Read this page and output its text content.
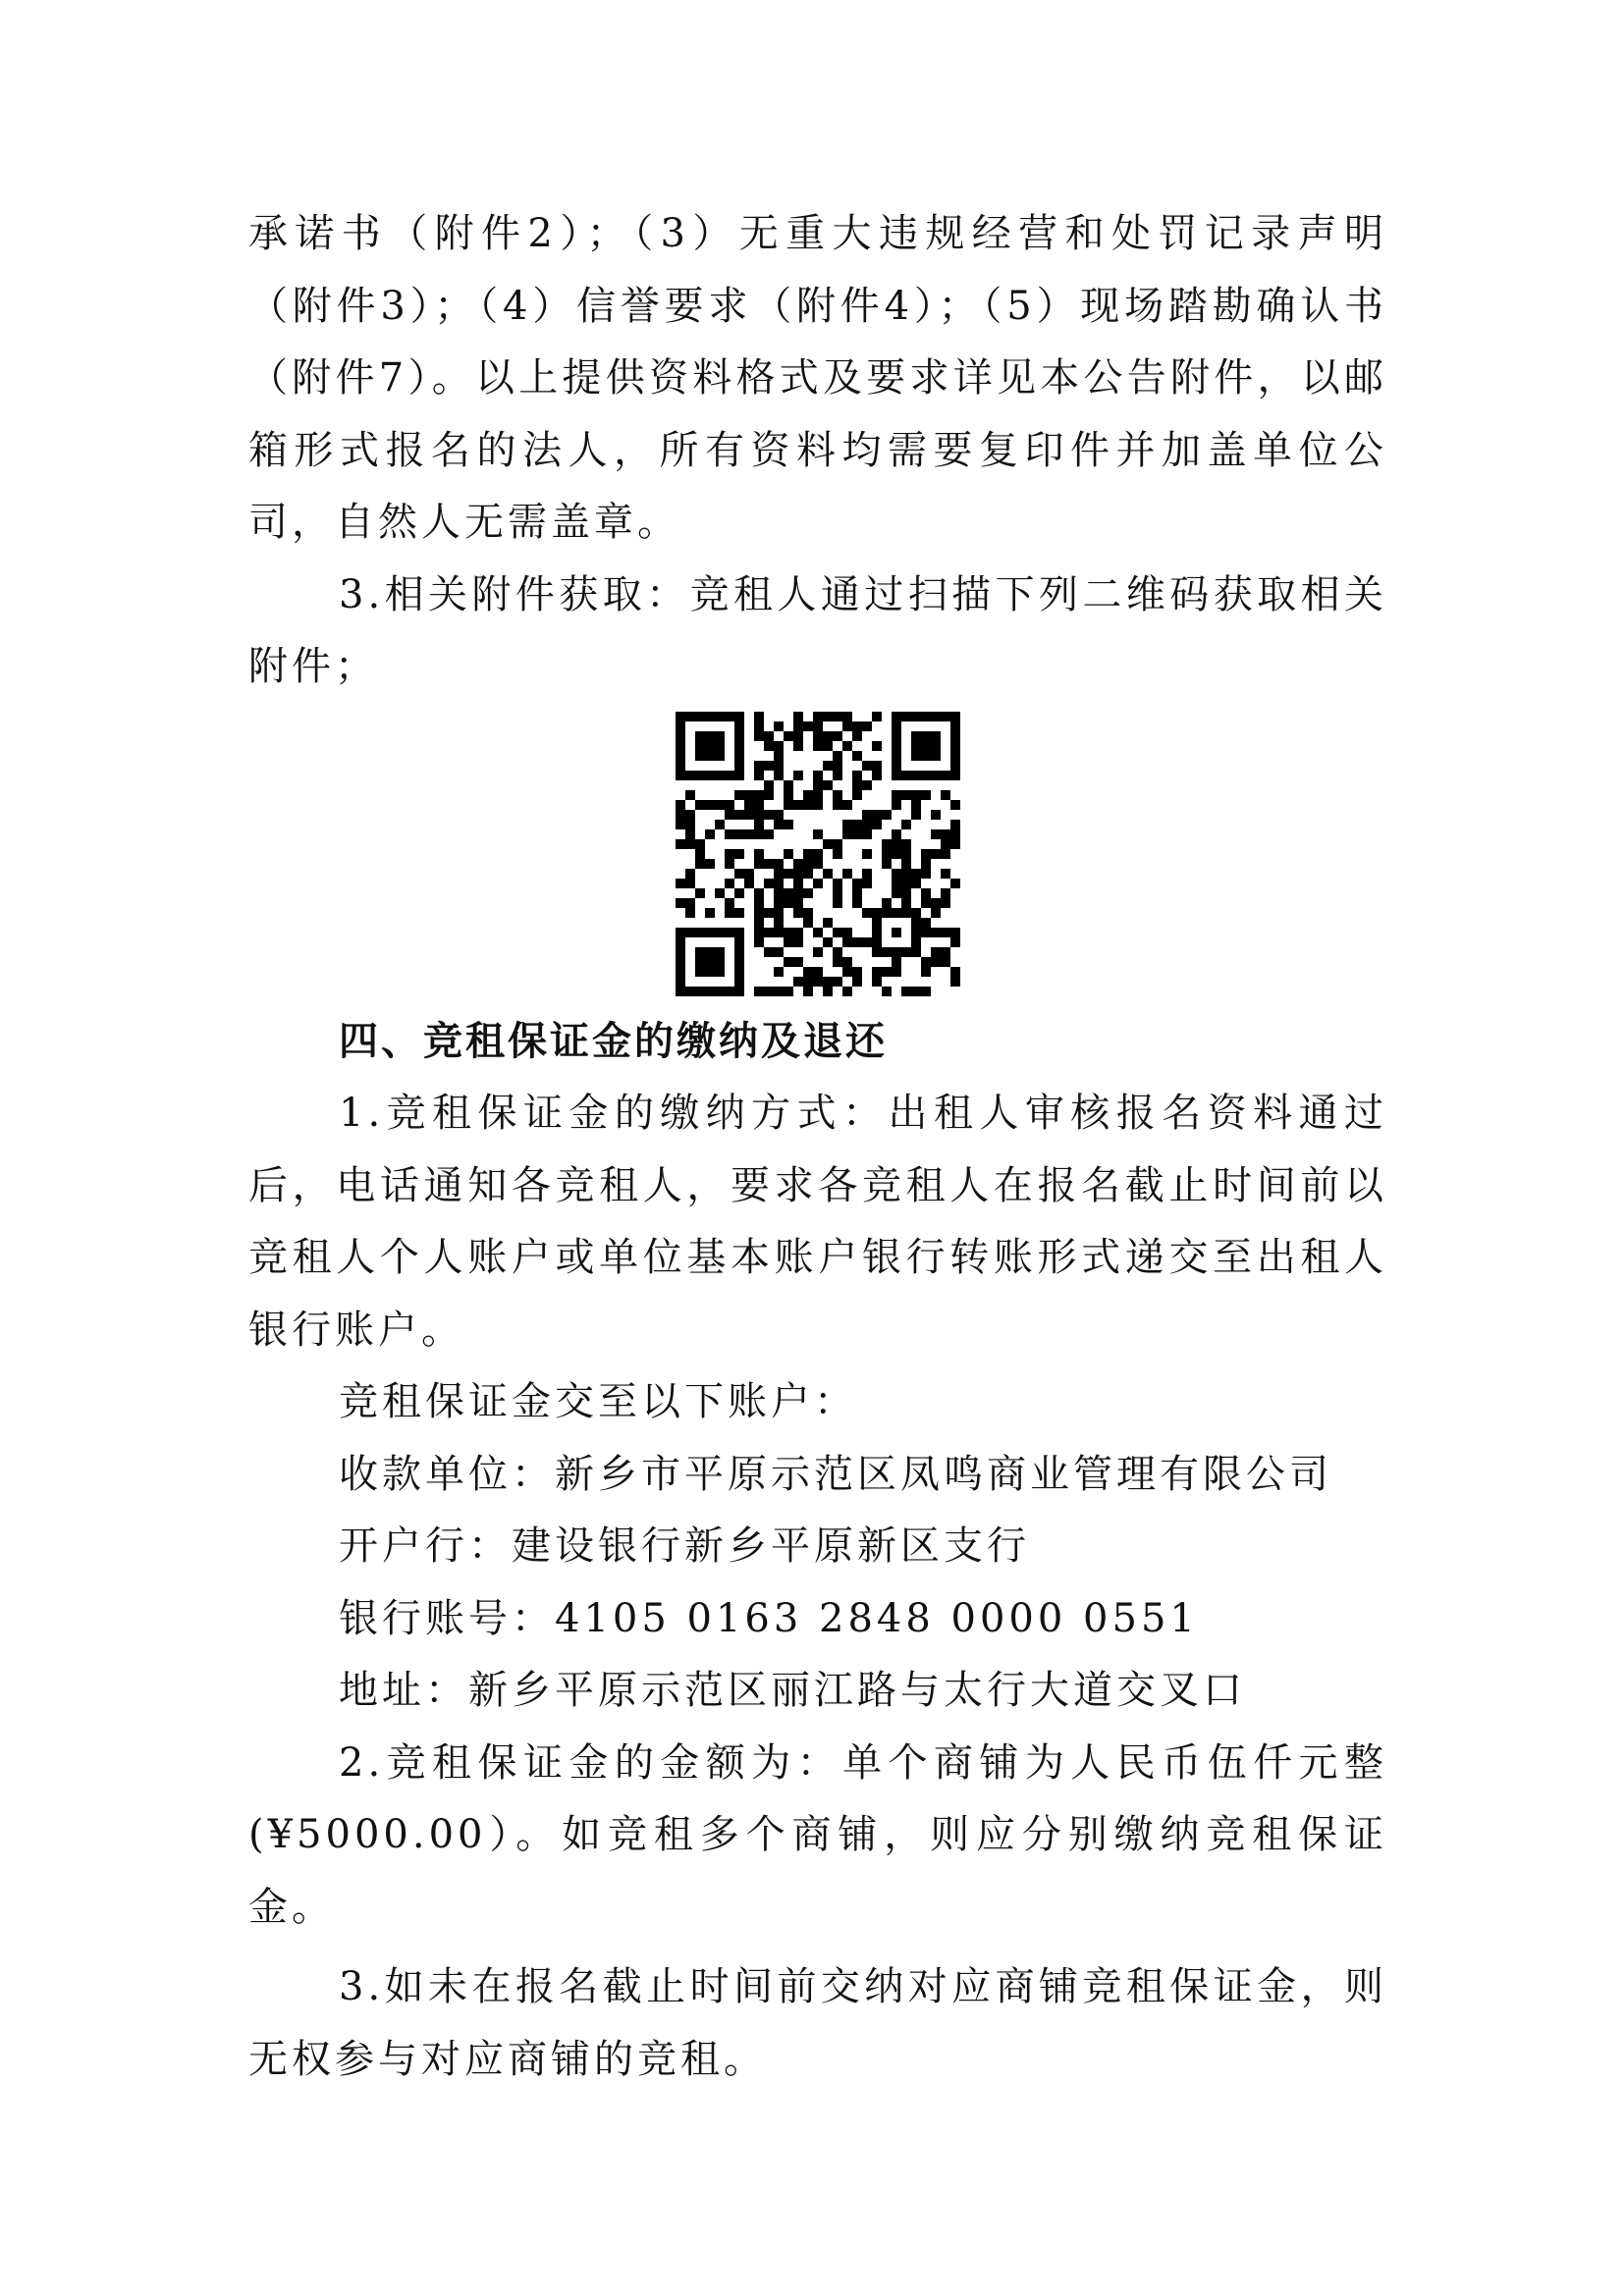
承诺书（附件2）；（3）无重大违规经营和处罚记录声明（附件3）；（4）信誉要求（附件4）；（5）现场踏勘确认书（附件7）。以上提供资料格式及要求详见本公告附件，以邮箱形式报名的法人，所有资料均需要复印件并加盖单位公司，自然人无需盖章。

3.相关附件获取：竞租人通过扫描下列二维码获取相关附件；

四、竞租保证金的缴纳及退还

1.竞租保证金的缴纳方式：出租人审核报名资料通过后，电话通知各竞租人，要求各竞租人在报名截止时间前以竞租人个人账户或单位基本账户银行转账形式递交至出租人银行账户。

竞租保证金交至以下账户：

收款单位：新乡市平原示范区凤鸣商业管理有限公司

开户行：建设银行新乡平原新区支行

银行账号：4105 0163 2848 0000 0551

地址：新乡平原示范区丽江路与太行大道交叉口

2.竞租保证金的金额为：单个商铺为人民币伍仟元整(¥5000.00）。如竞租多个商铺，则应分别缴纳竞租保证金。

3.如未在报名截止时间前交纳对应商铺竞租保证金，则无权参与对应商铺的竞租。
